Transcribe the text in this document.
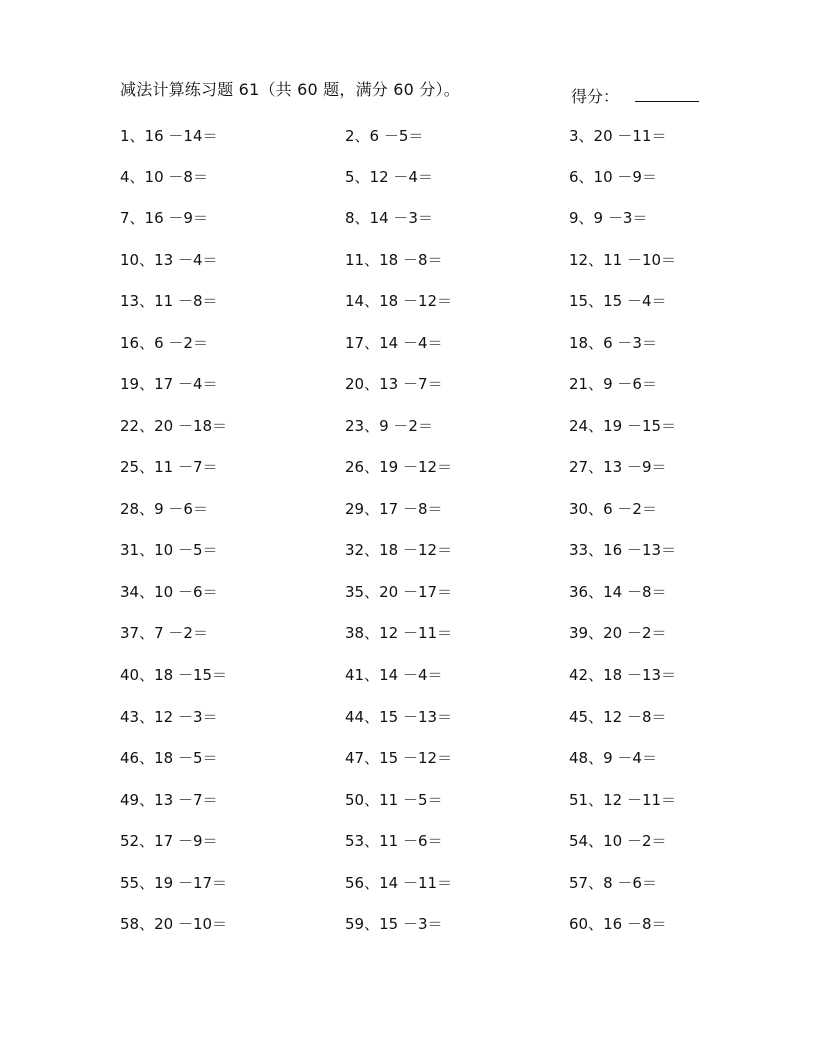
减法计算练习题 61（共 60 题，满分 60 分）。	得分：
1、16 －14＝	2、6 －5＝	3、20 －11＝
4、10 －8＝	5、12 －4＝	6、10 －9＝
7、16 －9＝	8、14 －3＝	9、9 －3＝
10、13 －4＝	11、18 －8＝	12、11 －10＝
13、11 －8＝	14、18 －12＝	15、15 －4＝
16、6 －2＝	17、14 －4＝	18、6 －3＝
19、17 －4＝	20、13 －7＝	21、9 －6＝
22、20 －18＝	23、9 －2＝	24、19 －15＝
25、11 －7＝	26、19 －12＝	27、13 －9＝
28、9 －6＝	29、17 －8＝	30、6 －2＝
31、10 －5＝	32、18 －12＝	33、16 －13＝
34、10 －6＝	35、20 －17＝	36、14 －8＝
37、7 －2＝	38、12 －11＝	39、20 －2＝
40、18 －15＝	41、14 －4＝	42、18 －13＝
43、12 －3＝	44、15 －13＝	45、12 －8＝
46、18 －5＝	47、15 －12＝	48、9 －4＝
49、13 －7＝	50、11 －5＝	51、12 －11＝
52、17 －9＝	53、11 －6＝	54、10 －2＝
55、19 －17＝	56、14 －11＝	57、8 －6＝
58、20 －10＝	59、15 －3＝	60、16 －8＝
